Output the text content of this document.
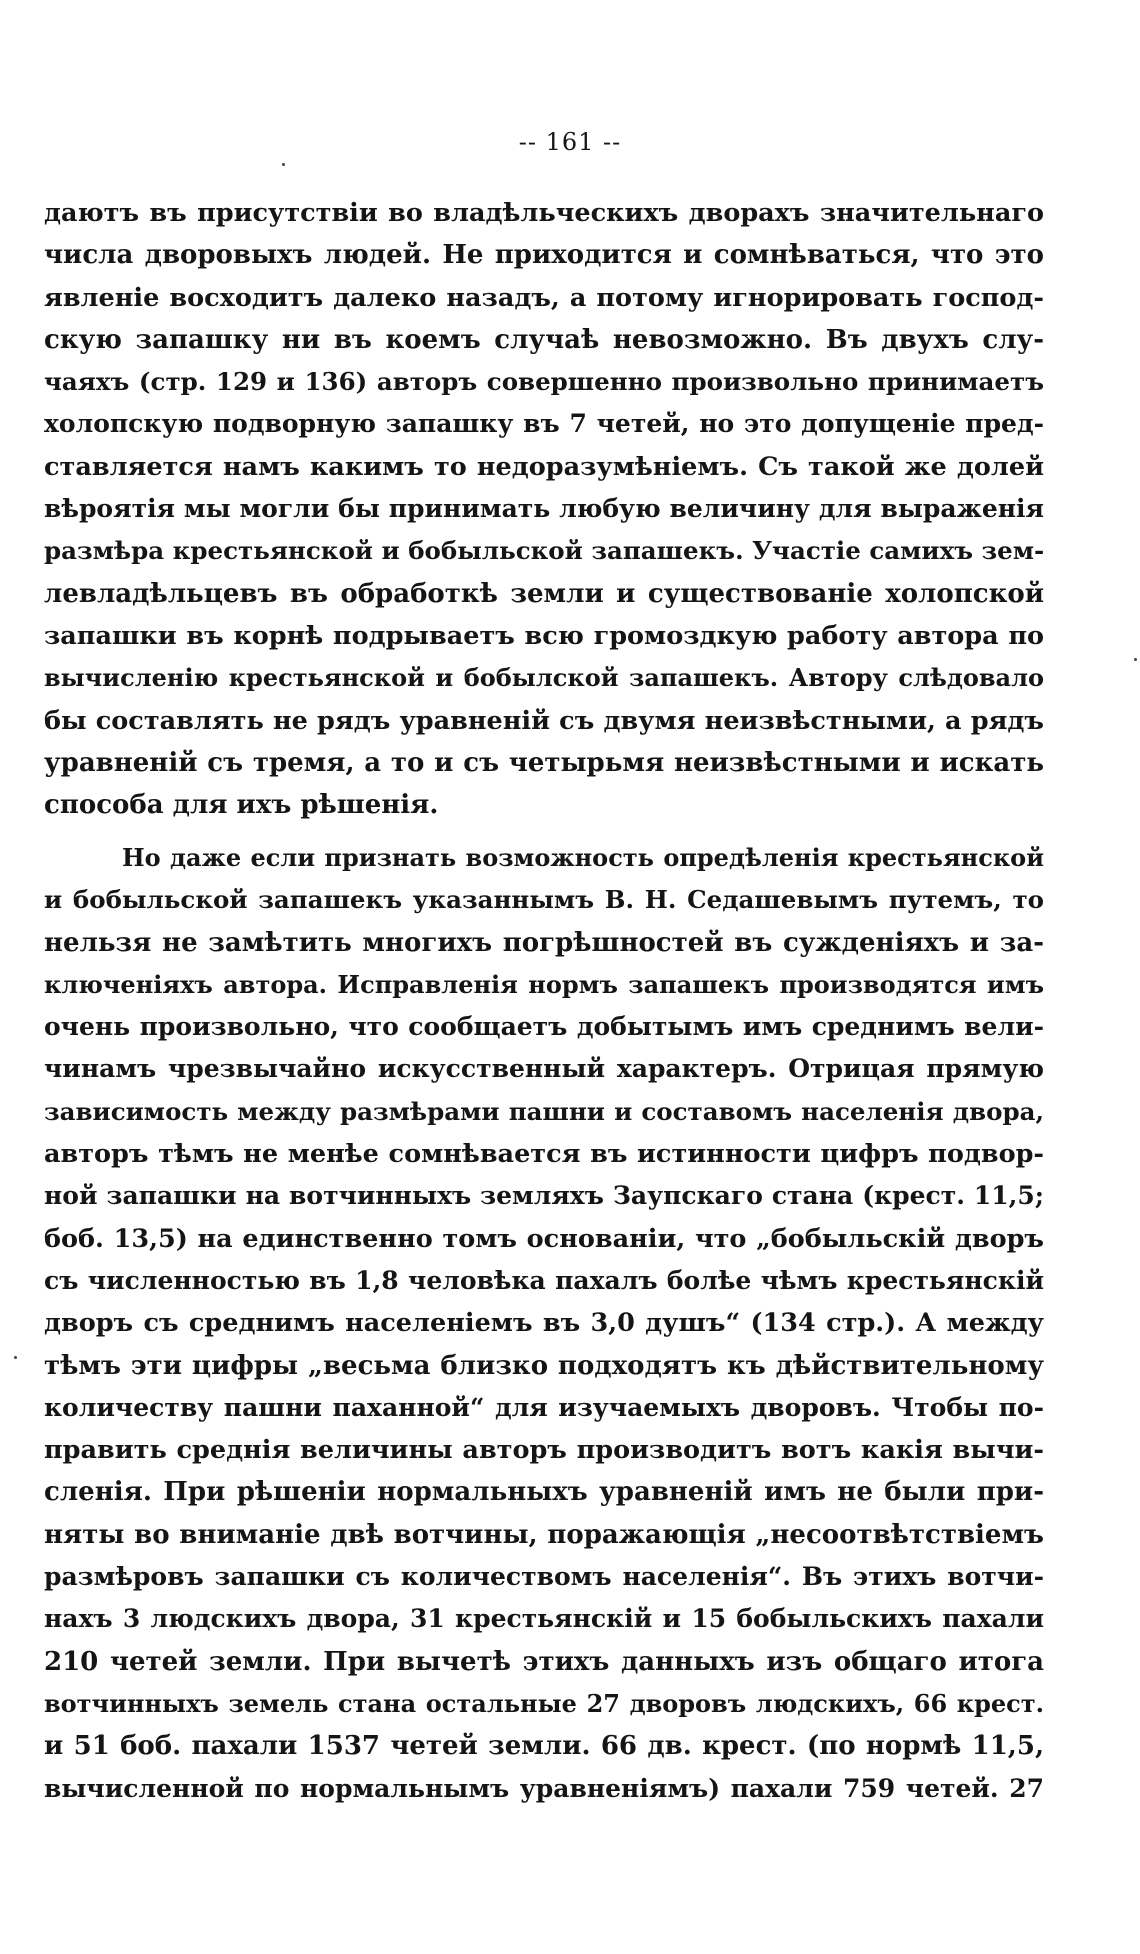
-- 161 --
даютъ въ присутствіи во владѣльческихъ дворахъ значительнаго
числа дворовыхъ людей. Не приходится и сомнѣваться, что это
явленіе восходитъ далеко назадъ, а потому игнорировать господ-
скую запашку ни въ коемъ случаѣ невозможно. Въ двухъ слу-
чаяхъ (стр. 129 и 136) авторъ совершенно произвольно принимаетъ
холопскую подворную запашку въ 7 четей, но это допущеніе пред-
ставляется намъ какимъ то недоразумѣніемъ. Съ такой же долей
вѣроятія мы могли бы принимать любую величину для выраженія
размѣра крестьянской и бобыльской запашекъ. Участіе самихъ зем-
левладѣльцевъ въ обработкѣ земли и существованіе холопской
запашки въ корнѣ подрываетъ всю громоздкую работу автора по
вычисленію крестьянской и бобылской запашекъ. Автору слѣдовало
бы составлять не рядъ уравненій съ двумя неизвѣстными, а рядъ
уравненій съ тремя, а то и съ четырьмя неизвѣстными и искать
способа для ихъ рѣшенія.
Но даже если признать возможность опредѣленія крестьянской
и бобыльской запашекъ указаннымъ В. Н. Седашевымъ путемъ, то
нельзя не замѣтить многихъ погрѣшностей въ сужденіяхъ и за-
ключеніяхъ автора. Исправленія нормъ запашекъ производятся имъ
очень произвольно, что сообщаетъ добытымъ имъ среднимъ вели-
чинамъ чрезвычайно искусственный характеръ. Отрицая прямую
зависимость между размѣрами пашни и составомъ населенія двора,
авторъ тѣмъ не менѣе сомнѣвается въ истинности цифръ подвор-
ной запашки на вотчинныхъ земляхъ Заупскаго стана (крест. 11,5;
боб. 13,5) на единственно томъ основаніи, что „бобыльскій дворъ
съ численностью въ 1,8 человѣка пахалъ болѣе чѣмъ крестьянскій
дворъ съ среднимъ населеніемъ въ 3,0 душъ“ (134 стр.). А между
тѣмъ эти цифры „весьма близко подходятъ къ дѣйствительному
количеству пашни паханной“ для изучаемыхъ дворовъ. Чтобы по-
править среднія величины авторъ производитъ вотъ какія вычи-
сленія. При рѣшеніи нормальныхъ уравненій имъ не были при-
няты во вниманіе двѣ вотчины, поражающія „несоотвѣтствіемъ
размѣровъ запашки съ количествомъ населенія“. Въ этихъ вотчи-
нахъ 3 людскихъ двора, 31 крестьянскій и 15 бобыльскихъ пахали
210 четей земли. При вычетѣ этихъ данныхъ изъ общаго итога
вотчинныхъ земель стана остальные 27 дворовъ людскихъ, 66 крест.
и 51 боб. пахали 1537 четей земли. 66 дв. крест. (по нормѣ 11,5,
вычисленной по нормальнымъ уравненіямъ) пахали 759 четей. 27
